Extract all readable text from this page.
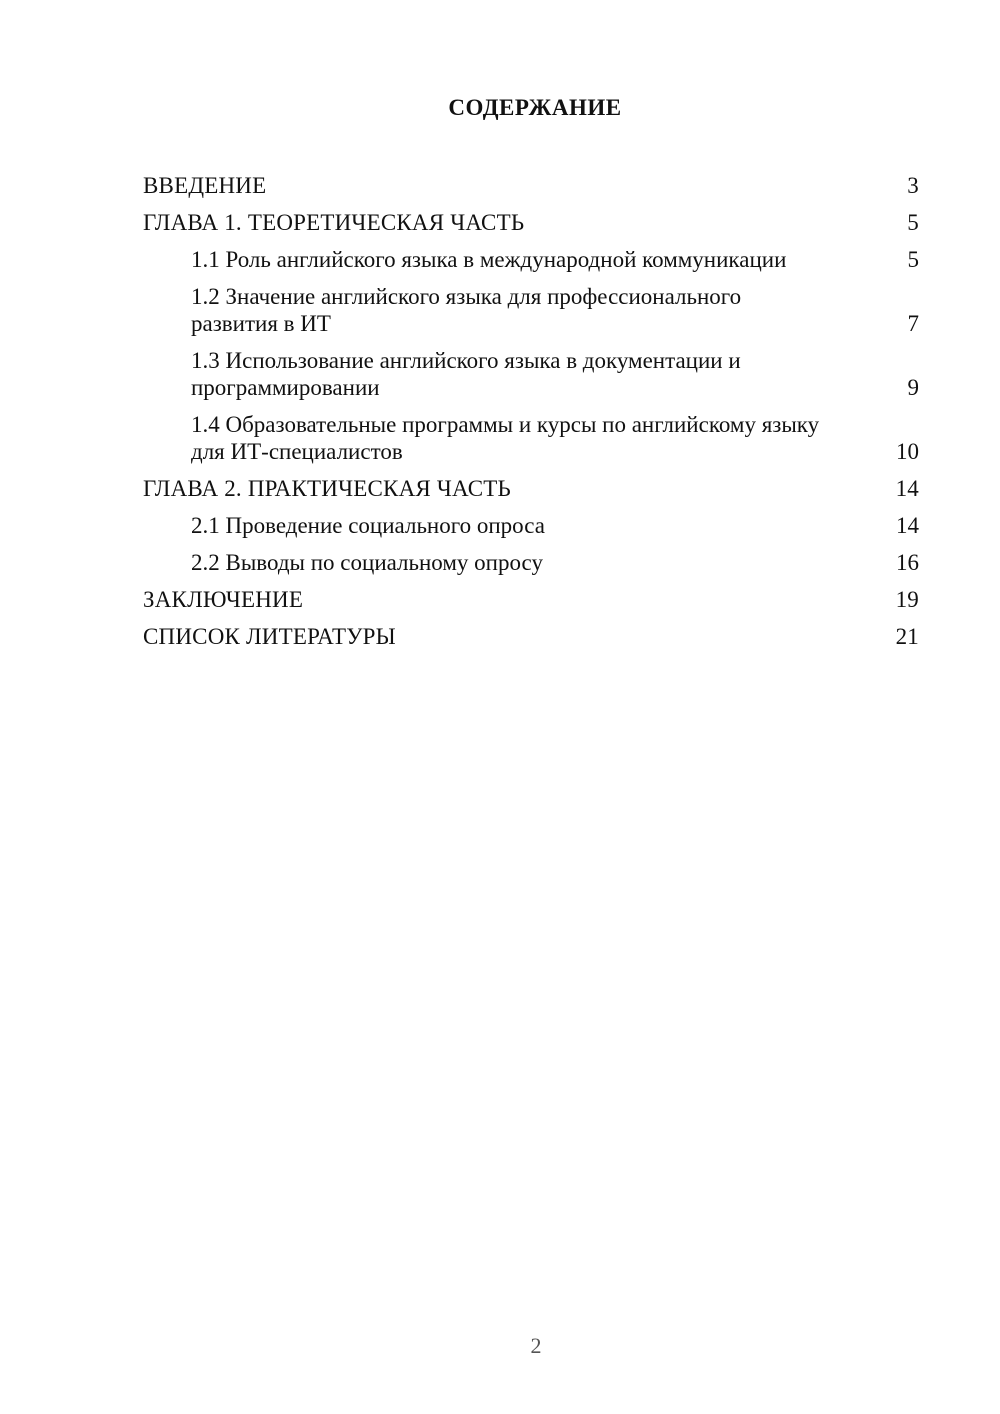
СОДЕРЖАНИЕ
ВВЕДЕНИЕ	3
ГЛАВА 1. ТЕОРЕТИЧЕСКАЯ ЧАСТЬ	5
1.1 Роль английского языка в международной коммуникации	5
1.2 Значение английского языка для профессионального развития в ИТ	7
1.3 Использование английского языка в документации и программировании	9
1.4 Образовательные программы и курсы по английскому языку для ИТ-специалистов	10
ГЛАВА 2. ПРАКТИЧЕСКАЯ ЧАСТЬ	14
2.1 Проведение социального опроса	14
2.2 Выводы по социальному опросу	16
ЗАКЛЮЧЕНИЕ	19
СПИСОК ЛИТЕРАТУРЫ	21
2
